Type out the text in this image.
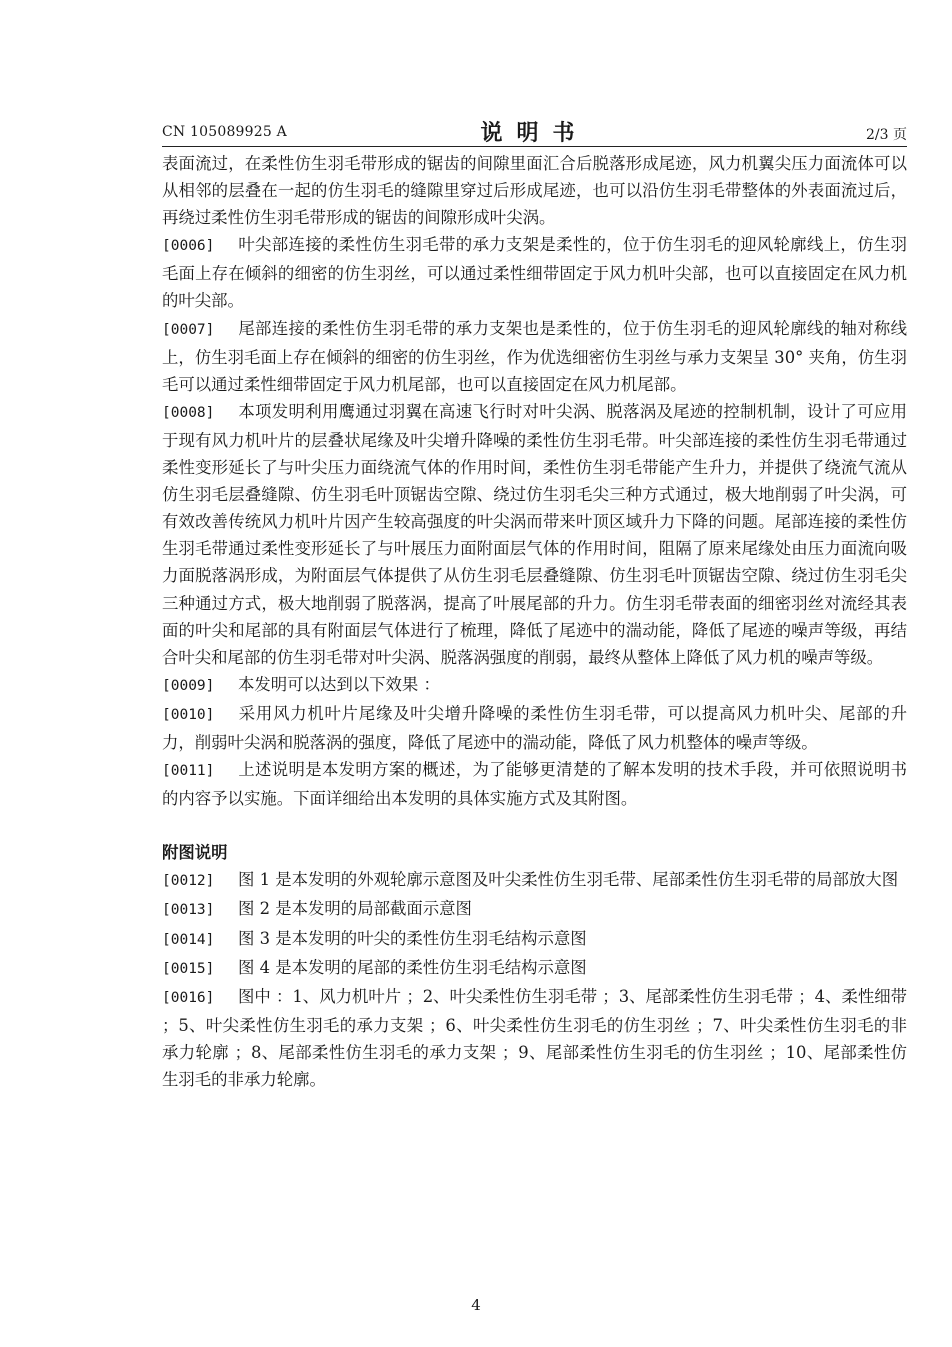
CN 105089925 A	说明书	2/3 页

表面流过，在柔性仿生羽毛带形成的锯齿的间隙里面汇合后脱落形成尾迹，风力机翼尖压力面流体可以从相邻的层叠在一起的仿生羽毛的缝隙里穿过后形成尾迹，也可以沿仿生羽毛带整体的外表面流过后，再绕过柔性仿生羽毛带形成的锯齿的间隙形成叶尖涡。

[0006] 叶尖部连接的柔性仿生羽毛带的承力支架是柔性的，位于仿生羽毛的迎风轮廓线上，仿生羽毛面上存在倾斜的细密的仿生羽丝，可以通过柔性细带固定于风力机叶尖部，也可以直接固定在风力机的叶尖部。

[0007] 尾部连接的柔性仿生羽毛带的承力支架也是柔性的，位于仿生羽毛的迎风轮廓线的轴对称线上，仿生羽毛面上存在倾斜的细密的仿生羽丝，作为优选细密仿生羽丝与承力支架呈 30° 夹角，仿生羽毛可以通过柔性细带固定于风力机尾部，也可以直接固定在风力机尾部。

[0008] 本项发明利用鹰通过羽翼在高速飞行时对叶尖涡、脱落涡及尾迹的控制机制，设计了可应用于现有风力机叶片的层叠状尾缘及叶尖增升降噪的柔性仿生羽毛带。叶尖部连接的柔性仿生羽毛带通过柔性变形延长了与叶尖压力面绕流气体的作用时间，柔性仿生羽毛带能产生升力，并提供了绕流气流从仿生羽毛层叠缝隙、仿生羽毛叶顶锯齿空隙、绕过仿生羽毛尖三种方式通过，极大地削弱了叶尖涡，可有效改善传统风力机叶片因产生较高强度的叶尖涡而带来叶顶区域升力下降的问题。尾部连接的柔性仿生羽毛带通过柔性变形延长了与叶展压力面附面层气体的作用时间，阻隔了原来尾缘处由压力面流向吸力面脱落涡形成，为附面层气体提供了从仿生羽毛层叠缝隙、仿生羽毛叶顶锯齿空隙、绕过仿生羽毛尖三种通过方式，极大地削弱了脱落涡，提高了叶展尾部的升力。仿生羽毛带表面的细密羽丝对流经其表面的叶尖和尾部的具有附面层气体进行了梳理，降低了尾迹中的湍动能，降低了尾迹的噪声等级，再结合叶尖和尾部的仿生羽毛带对叶尖涡、脱落涡强度的削弱，最终从整体上降低了风力机的噪声等级。

[0009] 本发明可以达到以下效果 ：

[0010] 采用风力机叶片尾缘及叶尖增升降噪的柔性仿生羽毛带，可以提高风力机叶尖、尾部的升力，削弱叶尖涡和脱落涡的强度，降低了尾迹中的湍动能，降低了风力机整体的噪声等级。

[0011] 上述说明是本发明方案的概述，为了能够更清楚的了解本发明的技术手段，并可依照说明书的内容予以实施。下面详细给出本发明的具体实施方式及其附图。

附图说明

[0012] 图 1 是本发明的外观轮廓示意图及叶尖柔性仿生羽毛带、尾部柔性仿生羽毛带的局部放大图

[0013] 图 2 是本发明的局部截面示意图

[0014] 图 3 是本发明的叶尖的柔性仿生羽毛结构示意图

[0015] 图 4 是本发明的尾部的柔性仿生羽毛结构示意图

[0016] 图中 ：1、风力机叶片 ；2、叶尖柔性仿生羽毛带 ；3、尾部柔性仿生羽毛带 ；4、柔性细带 ；5、叶尖柔性仿生羽毛的承力支架 ；6、叶尖柔性仿生羽毛的仿生羽丝 ；7、叶尖柔性仿生羽毛的非承力轮廓 ；8、尾部柔性仿生羽毛的承力支架 ；9、尾部柔性仿生羽毛的仿生羽丝 ；10、尾部柔性仿生羽毛的非承力轮廓。

4
